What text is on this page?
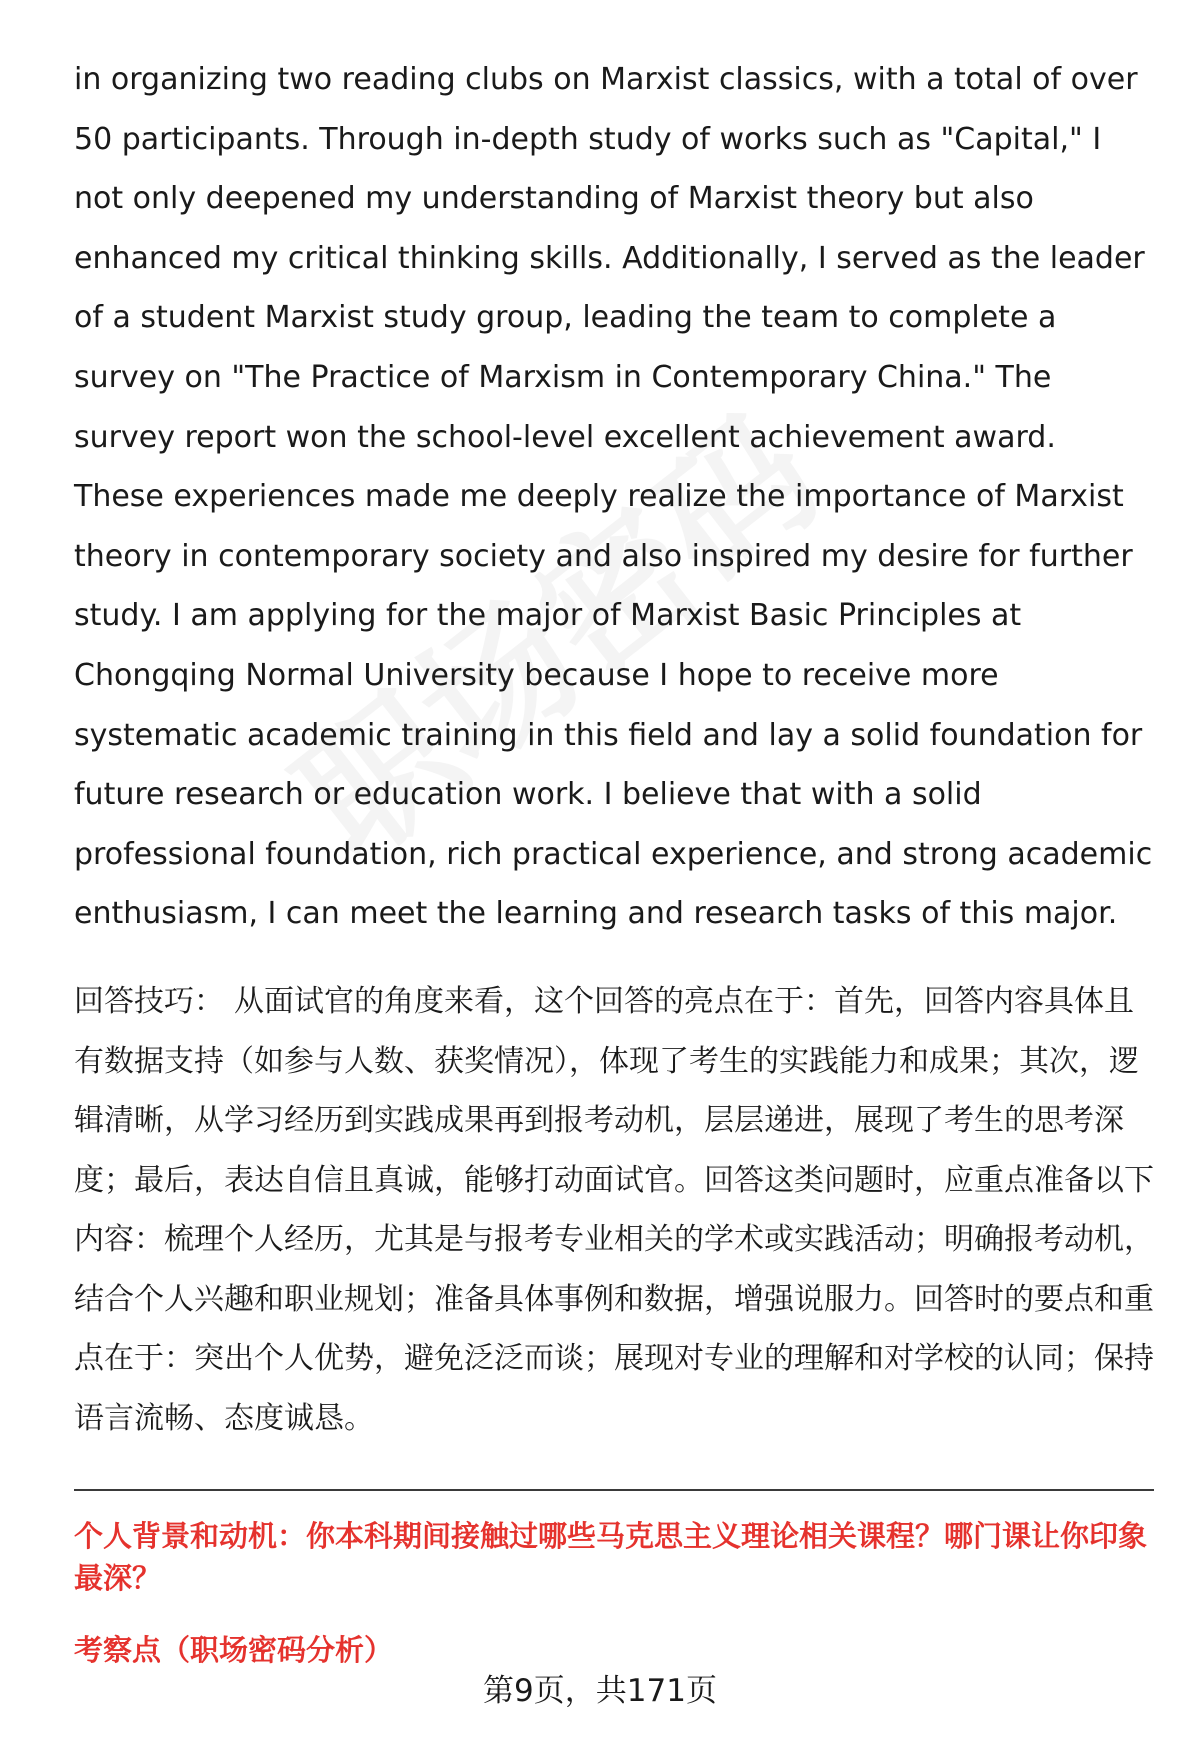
in organizing two reading clubs on Marxist classics, with a total of over 50 participants. Through in-depth study of works such as "Capital," I not only deepened my understanding of Marxist theory but also enhanced my critical thinking skills. Additionally, I served as the leader of a student Marxist study group, leading the team to complete a survey on "The Practice of Marxism in Contemporary China." The survey report won the school-level excellent achievement award. These experiences made me deeply realize the importance of Marxist theory in contemporary society and also inspired my desire for further study. I am applying for the major of Marxist Basic Principles at Chongqing Normal University because I hope to receive more systematic academic training in this field and lay a solid foundation for future research or education work. I believe that with a solid professional foundation, rich practical experience, and strong academic enthusiasm, I can meet the learning and research tasks of this major.

回答技巧： 从面试官的角度来看，这个回答的亮点在于：首先，回答内容具体且有数据支持（如参与人数、获奖情况），体现了考生的实践能力和成果；其次，逻辑清晰，从学习经历到实践成果再到报考动机，层层递进，展现了考生的思考深度；最后，表达自信且真诚，能够打动面试官。回答这类问题时，应重点准备以下内容：梳理个人经历，尤其是与报考专业相关的学术或实践活动；明确报考动机，结合个人兴趣和职业规划；准备具体事例和数据，增强说服力。回答时的要点和重点在于：突出个人优势，避免泛泛而谈；展现对专业的理解和对学校的认同；保持语言流畅、态度诚恳。

个人背景和动机：你本科期间接触过哪些马克思主义理论相关课程？哪门课让你印象最深？

考察点（职场密码分析）

第9页，共171页
